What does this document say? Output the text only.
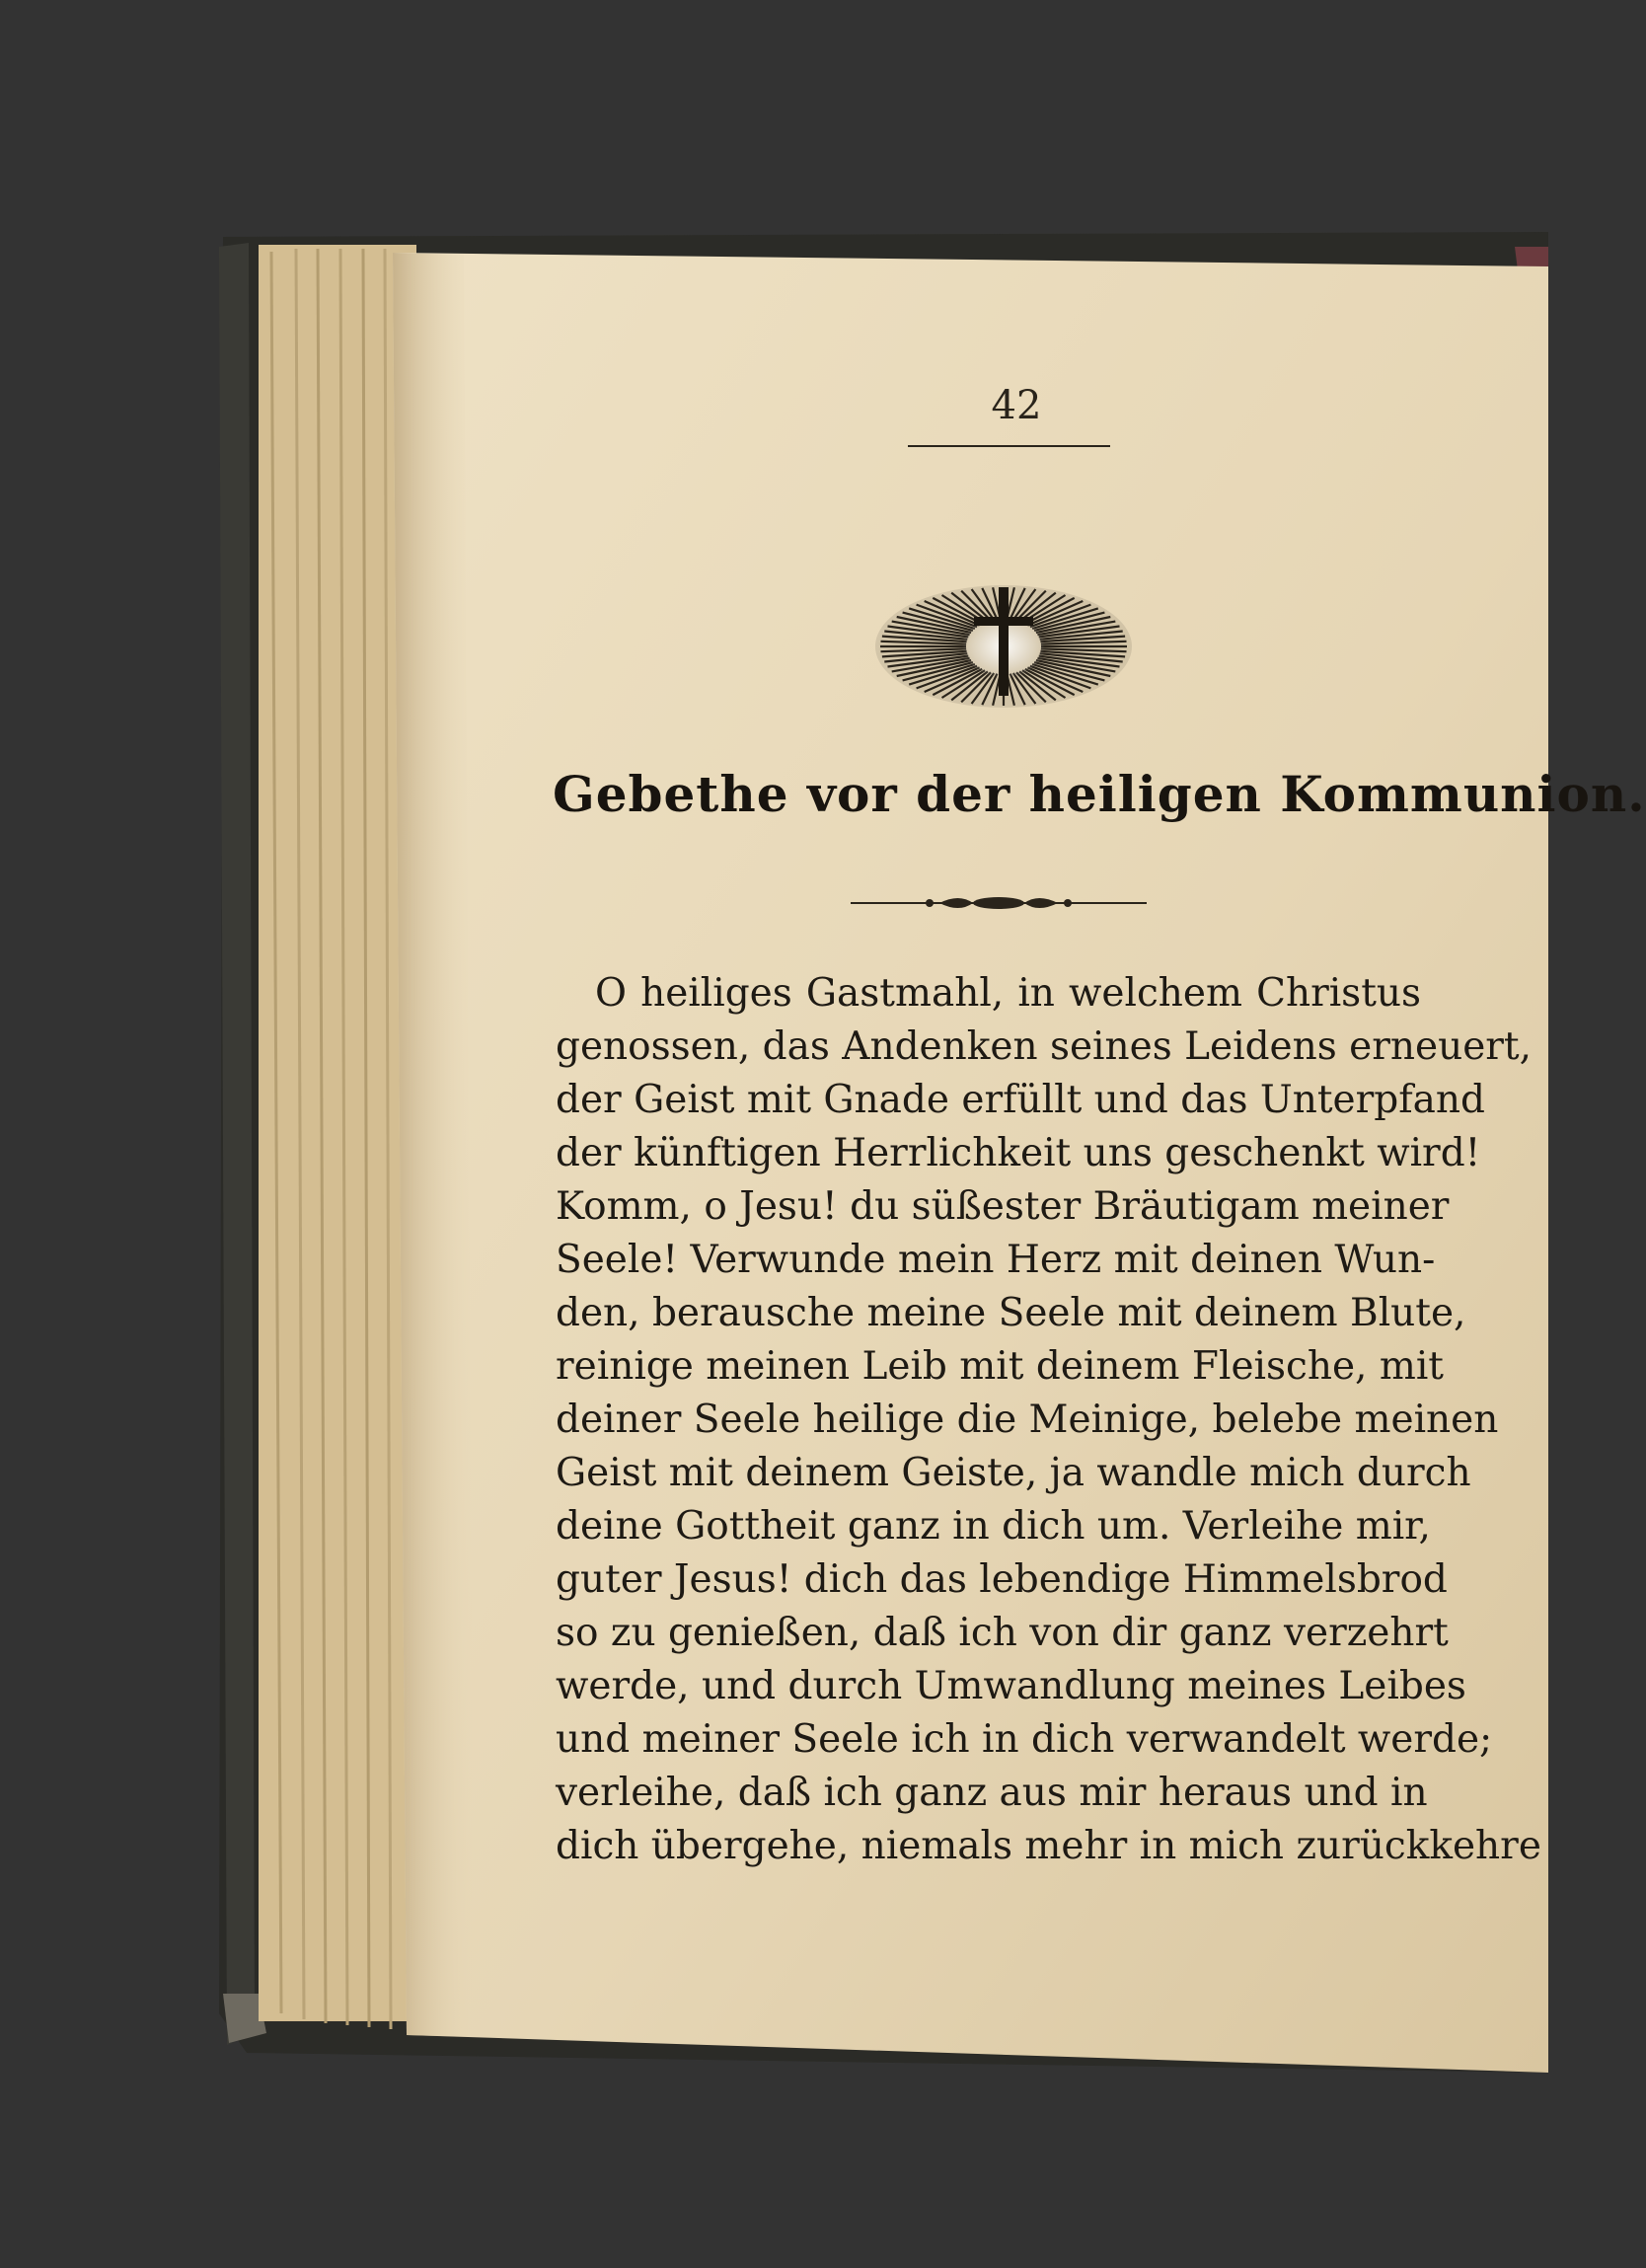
42
Gebethe vor der heiligen Kommunion.
O heiliges Gastmahl, in welchem Christus
genossen, das Andenken seines Leidens erneuert,
der Geist mit Gnade erfüllt und das Unterpfand
der künftigen Herrlichkeit uns geschenkt wird!
Komm, o Jesu! du süßester Bräutigam meiner
Seele! Verwunde mein Herz mit deinen Wun-
den, berausche meine Seele mit deinem Blute,
reinige meinen Leib mit deinem Fleische, mit
deiner Seele heilige die Meinige, belebe meinen
Geist mit deinem Geiste, ja wandle mich durch
deine Gottheit ganz in dich um. Verleihe mir,
guter Jesus! dich das lebendige Himmelsbrod
so zu genießen, daß ich von dir ganz verzehrt
werde, und durch Umwandlung meines Leibes
und meiner Seele ich in dich verwandelt werde;
verleihe, daß ich ganz aus mir heraus und in
dich übergehe, niemals mehr in mich zurückkehre
